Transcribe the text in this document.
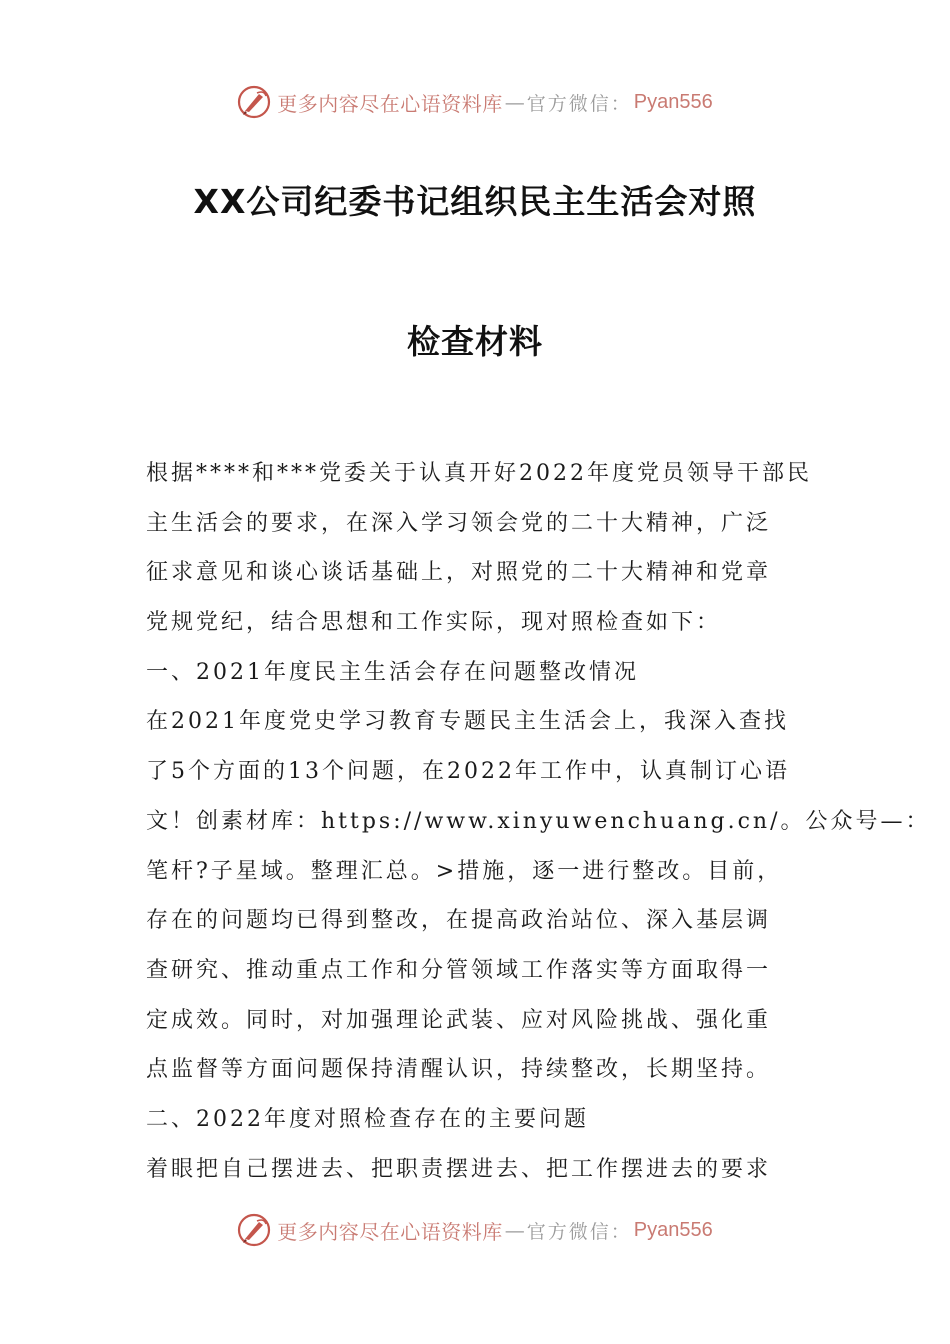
更多内容尽在心语资料库 — 官方微信： Pyan556
XX公司纪委书记组织民主生活会对照
检查材料
根据****和***党委关于认真开好2022年度党员领导干部民
主生活会的要求，在深入学习领会党的二十大精神，广泛
征求意见和谈心谈话基础上，对照党的二十大精神和党章
党规党纪，结合思想和工作实际，现对照检查如下：
一、2021年度民主生活会存在问题整改情况
在2021年度党史学习教育专题民主生活会上，我深入查找
了5个方面的13个问题，在2022年工作中，认真制订心语
文！创素材库：https://www.xinyuwenchuang.cn/。公众号—：
笔杆?子星域。整理汇总。>措施，逐一进行整改。目前，
存在的问题均已得到整改，在提高政治站位、深入基层调
查研究、推动重点工作和分管领域工作落实等方面取得一
定成效。同时，对加强理论武装、应对风险挑战、强化重
点监督等方面问题保持清醒认识，持续整改，长期坚持。
二、2022年度对照检查存在的主要问题
着眼把自己摆进去、把职责摆进去、把工作摆进去的要求
更多内容尽在心语资料库 — 官方微信： Pyan556
